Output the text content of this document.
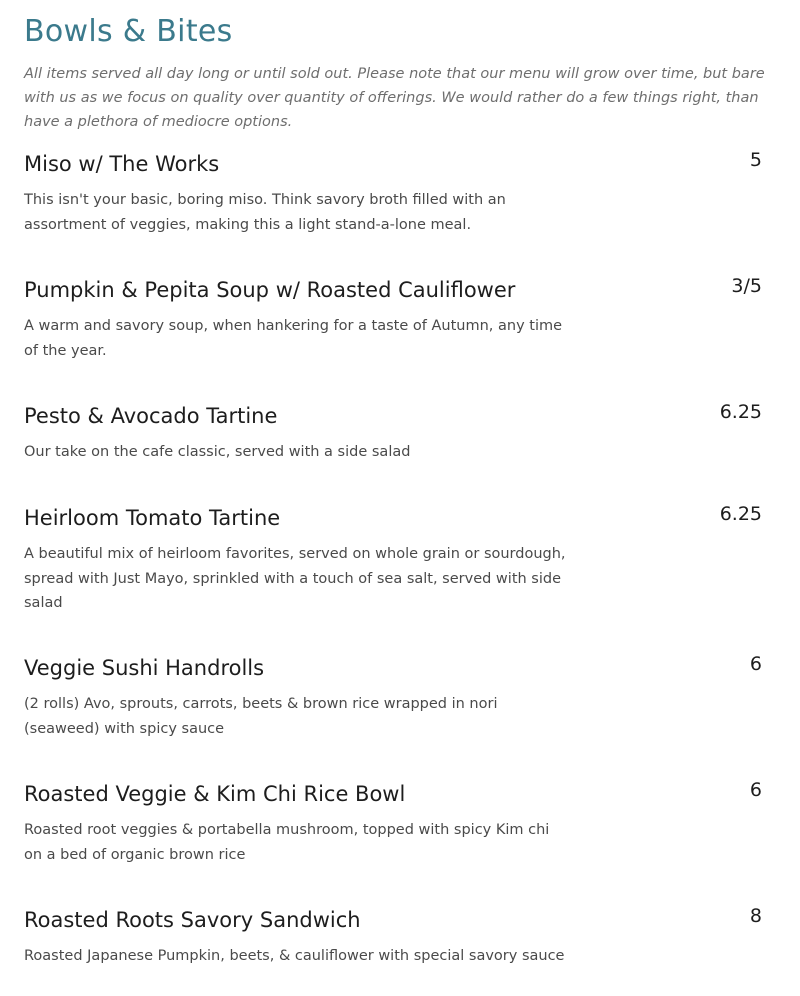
Bowls & Bites

All items served all day long or until sold out. Please note that our menu will grow over time, but bare with us as we focus on quality over quantity of offerings. We would rather do a few things right, than have a plethora of mediocre options.

Miso w/ The Works	5

This isn't your basic, boring miso. Think savory broth filled with an assortment of veggies, making this a light stand-a-lone meal.

Pumpkin & Pepita Soup w/ Roasted Cauliflower	3/5

A warm and savory soup, when hankering for a taste of Autumn, any time of the year.

Pesto & Avocado Tartine	6.25

Our take on the cafe classic, served with a side salad

Heirloom Tomato Tartine	6.25

A beautiful mix of heirloom favorites, served on whole grain or sourdough, spread with Just Mayo, sprinkled with a touch of sea salt, served with side salad

Veggie Sushi Handrolls	6

(2 rolls) Avo, sprouts, carrots, beets & brown rice wrapped in nori (seaweed) with spicy sauce

Roasted Veggie & Kim Chi Rice Bowl	6

Roasted root veggies & portabella mushroom, topped with spicy Kim chi on a bed of organic brown rice

Roasted Roots Savory Sandwich	8

Roasted Japanese Pumpkin, beets, & cauliflower with special savory sauce
